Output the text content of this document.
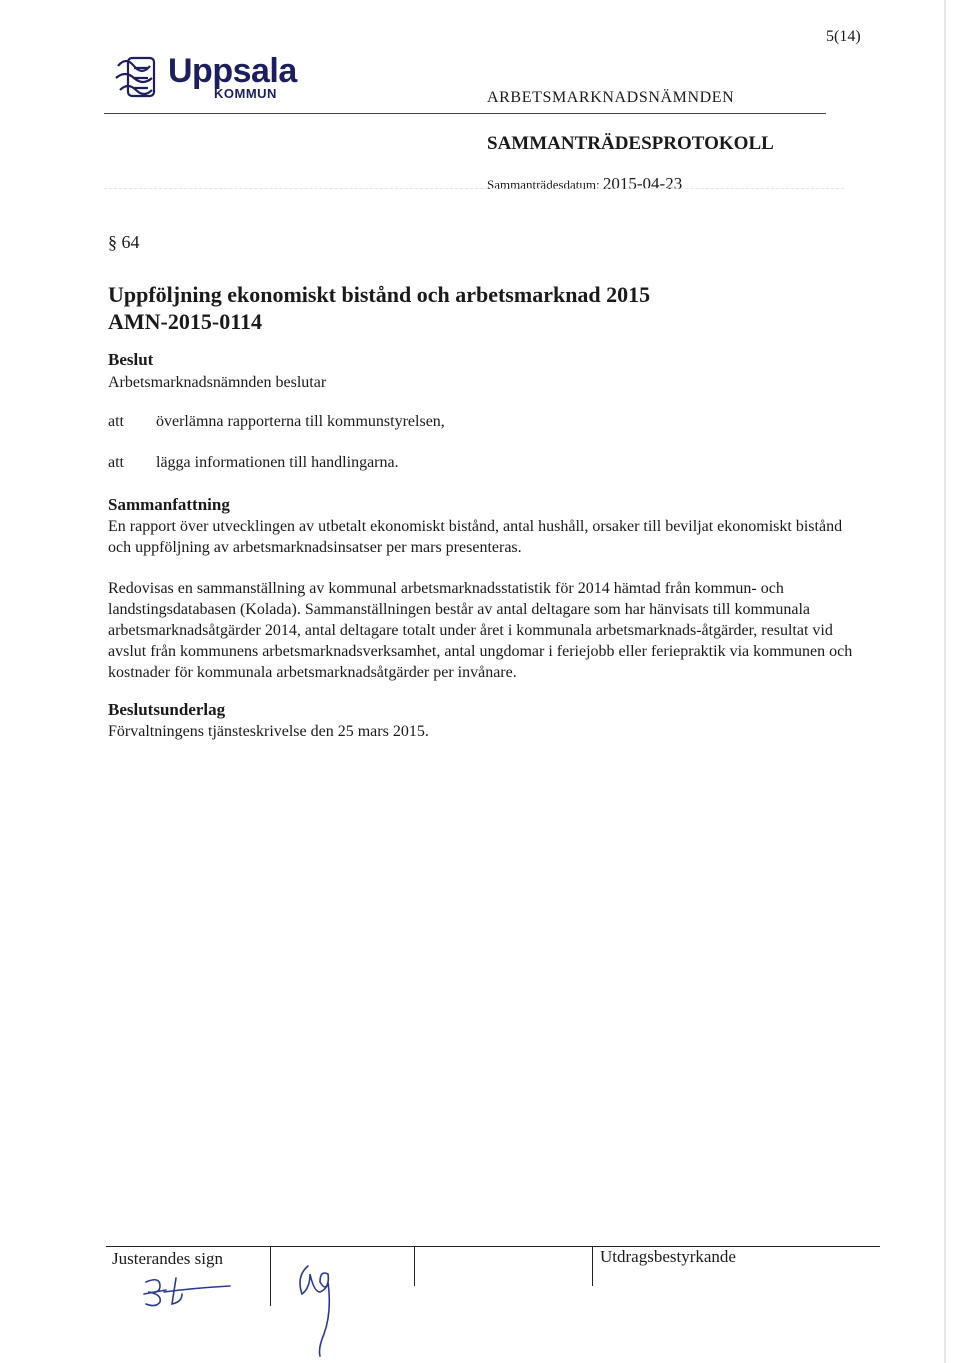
5(14)
Uppsala
KOMMUN	ARBETSMARKNADSNÄMNDEN
SAMMANTRÄDESPROTOKOLL
Sammanträdesdatum: 2015-04-23
§ 64
Uppföljning ekonomiskt bistånd och arbetsmarknad 2015
AMN-2015-0114
Beslut
Arbetsmarknadsnämnden beslutar
att överlämna rapporterna till kommunstyrelsen,
att lägga informationen till handlingarna.
Sammanfattning
En rapport över utvecklingen av utbetalt ekonomiskt bistånd, antal hushåll, orsaker till beviljat ekonomiskt bistånd och uppföljning av arbetsmarknadsinsatser per mars presenteras.
Redovisas en sammanställning av kommunal arbetsmarknadsstatistik för 2014 hämtad från kommun- och landstingsdatabasen (Kolada). Sammanställningen består av antal deltagare som har hänvisats till kommunala arbetsmarknadsåtgärder 2014, antal deltagare totalt under året i kommunala arbetsmarknads-åtgärder, resultat vid avslut från kommunens arbetsmarknadsverksamhet, antal ungdomar i feriejobb eller feriepraktik via kommunen och kostnader för kommunala arbetsmarknadsåtgärder per invånare.
Beslutsunderlag
Förvaltningens tjänsteskrivelse den 25 mars 2015.
Justerandes sign	Utdragsbestyrkande
